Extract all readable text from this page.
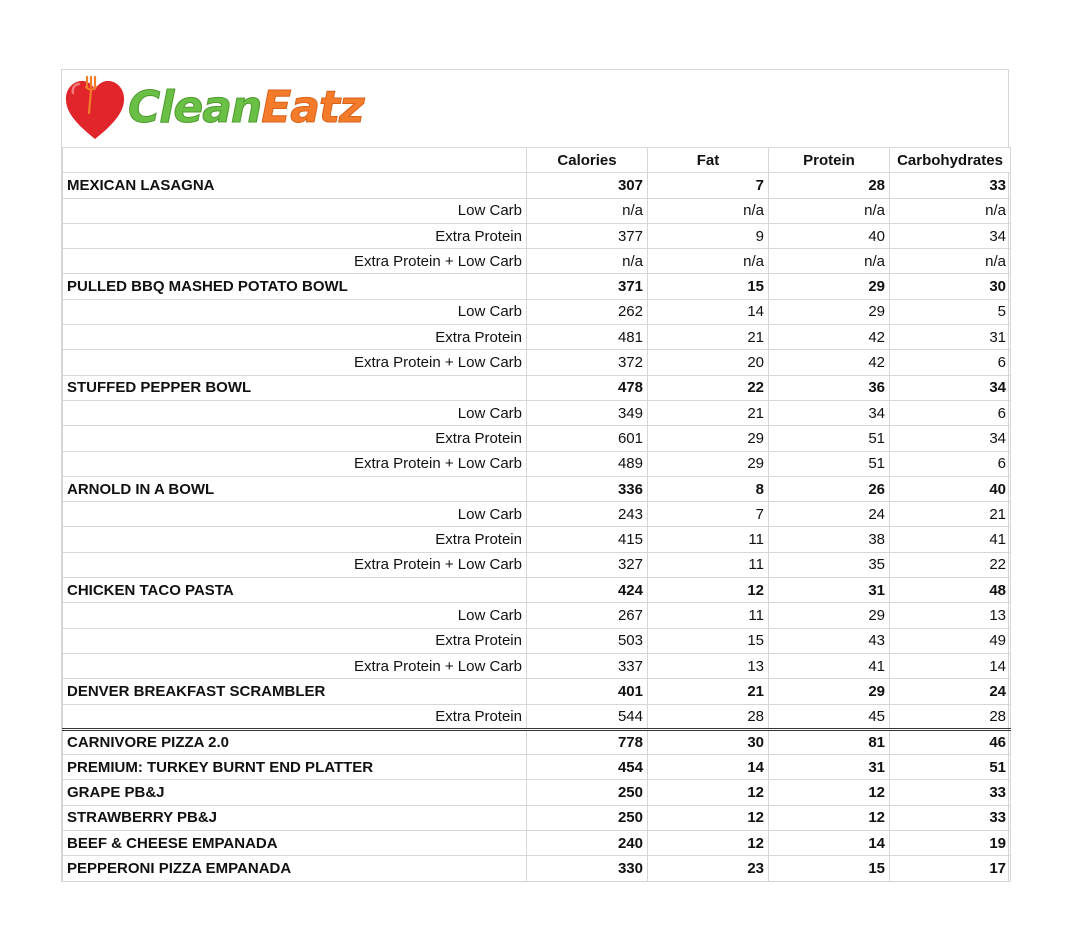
CleanEatz
	Calories	Fat	Protein	Carbohydrates
MEXICAN LASAGNA	307	7	28	33
Low Carb	n/a	n/a	n/a	n/a
Extra Protein	377	9	40	34
Extra Protein + Low Carb	n/a	n/a	n/a	n/a
PULLED BBQ MASHED POTATO BOWL	371	15	29	30
Low Carb	262	14	29	5
Extra Protein	481	21	42	31
Extra Protein + Low Carb	372	20	42	6
STUFFED PEPPER BOWL	478	22	36	34
Low Carb	349	21	34	6
Extra Protein	601	29	51	34
Extra Protein + Low Carb	489	29	51	6
ARNOLD IN A BOWL	336	8	26	40
Low Carb	243	7	24	21
Extra Protein	415	11	38	41
Extra Protein + Low Carb	327	11	35	22
CHICKEN TACO PASTA	424	12	31	48
Low Carb	267	11	29	13
Extra Protein	503	15	43	49
Extra Protein + Low Carb	337	13	41	14
DENVER BREAKFAST SCRAMBLER	401	21	29	24
Extra Protein	544	28	45	28
CARNIVORE PIZZA 2.0	778	30	81	46
PREMIUM: TURKEY BURNT END PLATTER	454	14	31	51
GRAPE PB&J	250	12	12	33
STRAWBERRY PB&J	250	12	12	33
BEEF & CHEESE EMPANADA	240	12	14	19
PEPPERONI PIZZA EMPANADA	330	23	15	17
